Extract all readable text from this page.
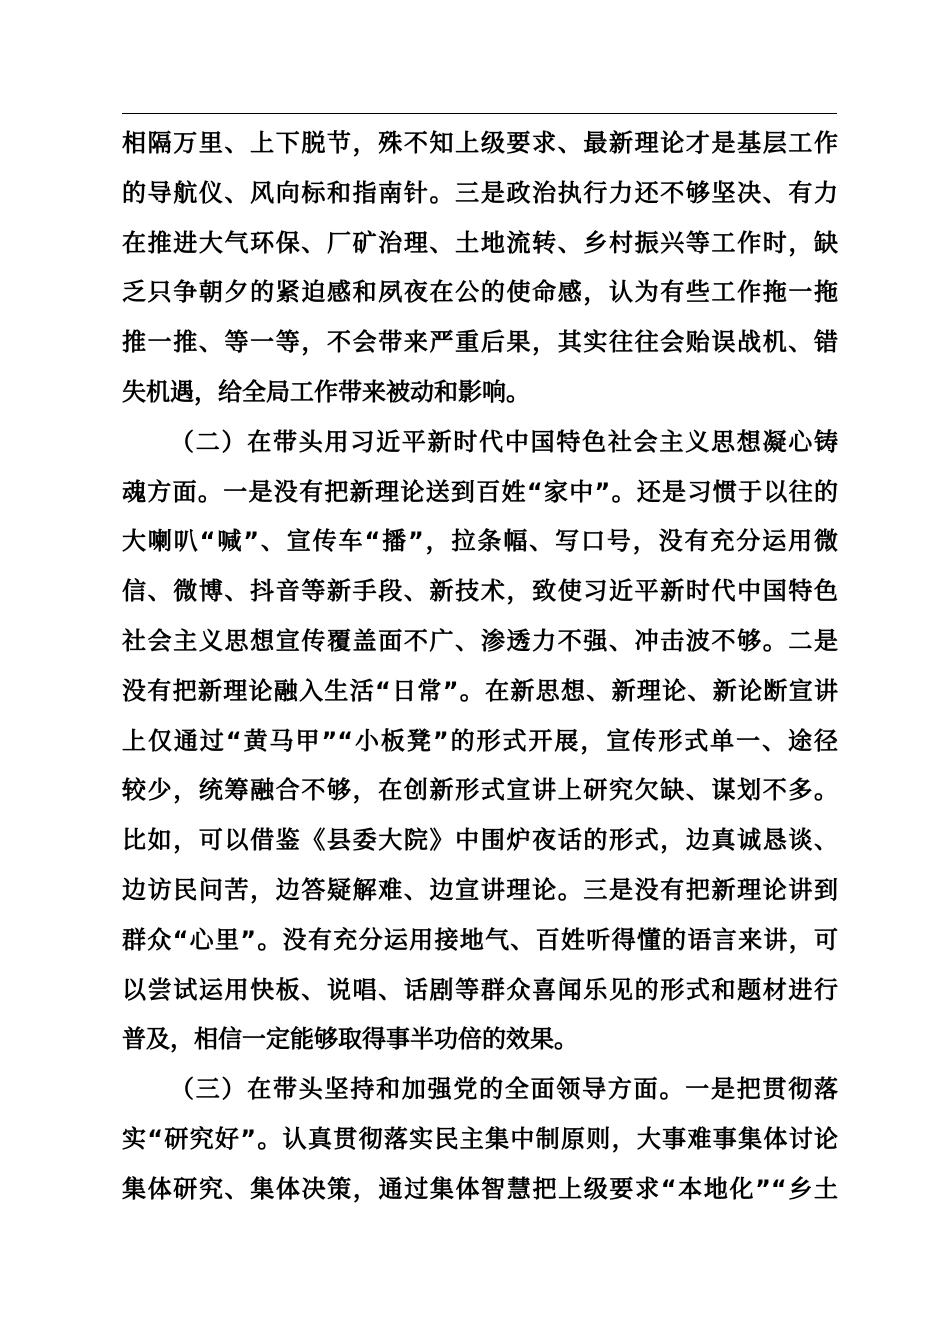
相隔万里、上下脱节，殊不知上级要求、最新理论才是基层工作
的导航仪、风向标和指南针。三是政治执行力还不够坚决、有力
在推进大气环保、厂矿治理、土地流转、乡村振兴等工作时，缺
乏只争朝夕的紧迫感和夙夜在公的使命感，认为有些工作拖一拖
推一推、等一等，不会带来严重后果，其实往往会贻误战机、错
失机遇，给全局工作带来被动和影响。
（二）在带头用习近平新时代中国特色社会主义思想凝心铸
魂方面。一是没有把新理论送到百姓“家中”。还是习惯于以往的
大喇叭“喊”、宣传车“播”，拉条幅、写口号，没有充分运用微
信、微博、抖音等新手段、新技术，致使习近平新时代中国特色
社会主义思想宣传覆盖面不广、渗透力不强、冲击波不够。二是
没有把新理论融入生活“日常”。在新思想、新理论、新论断宣讲
上仅通过“黄马甲”“小板凳”的形式开展，宣传形式单一、途径
较少，统筹融合不够，在创新形式宣讲上研究欠缺、谋划不多。
比如，可以借鉴《县委大院》中围炉夜话的形式，边真诚恳谈、
边访民问苦，边答疑解难、边宣讲理论。三是没有把新理论讲到
群众“心里”。没有充分运用接地气、百姓听得懂的语言来讲，可
以尝试运用快板、说唱、话剧等群众喜闻乐见的形式和题材进行
普及，相信一定能够取得事半功倍的效果。
（三）在带头坚持和加强党的全面领导方面。一是把贯彻落
实“研究好”。认真贯彻落实民主集中制原则，大事难事集体讨论
集体研究、集体决策，通过集体智慧把上级要求“本地化”“乡土
